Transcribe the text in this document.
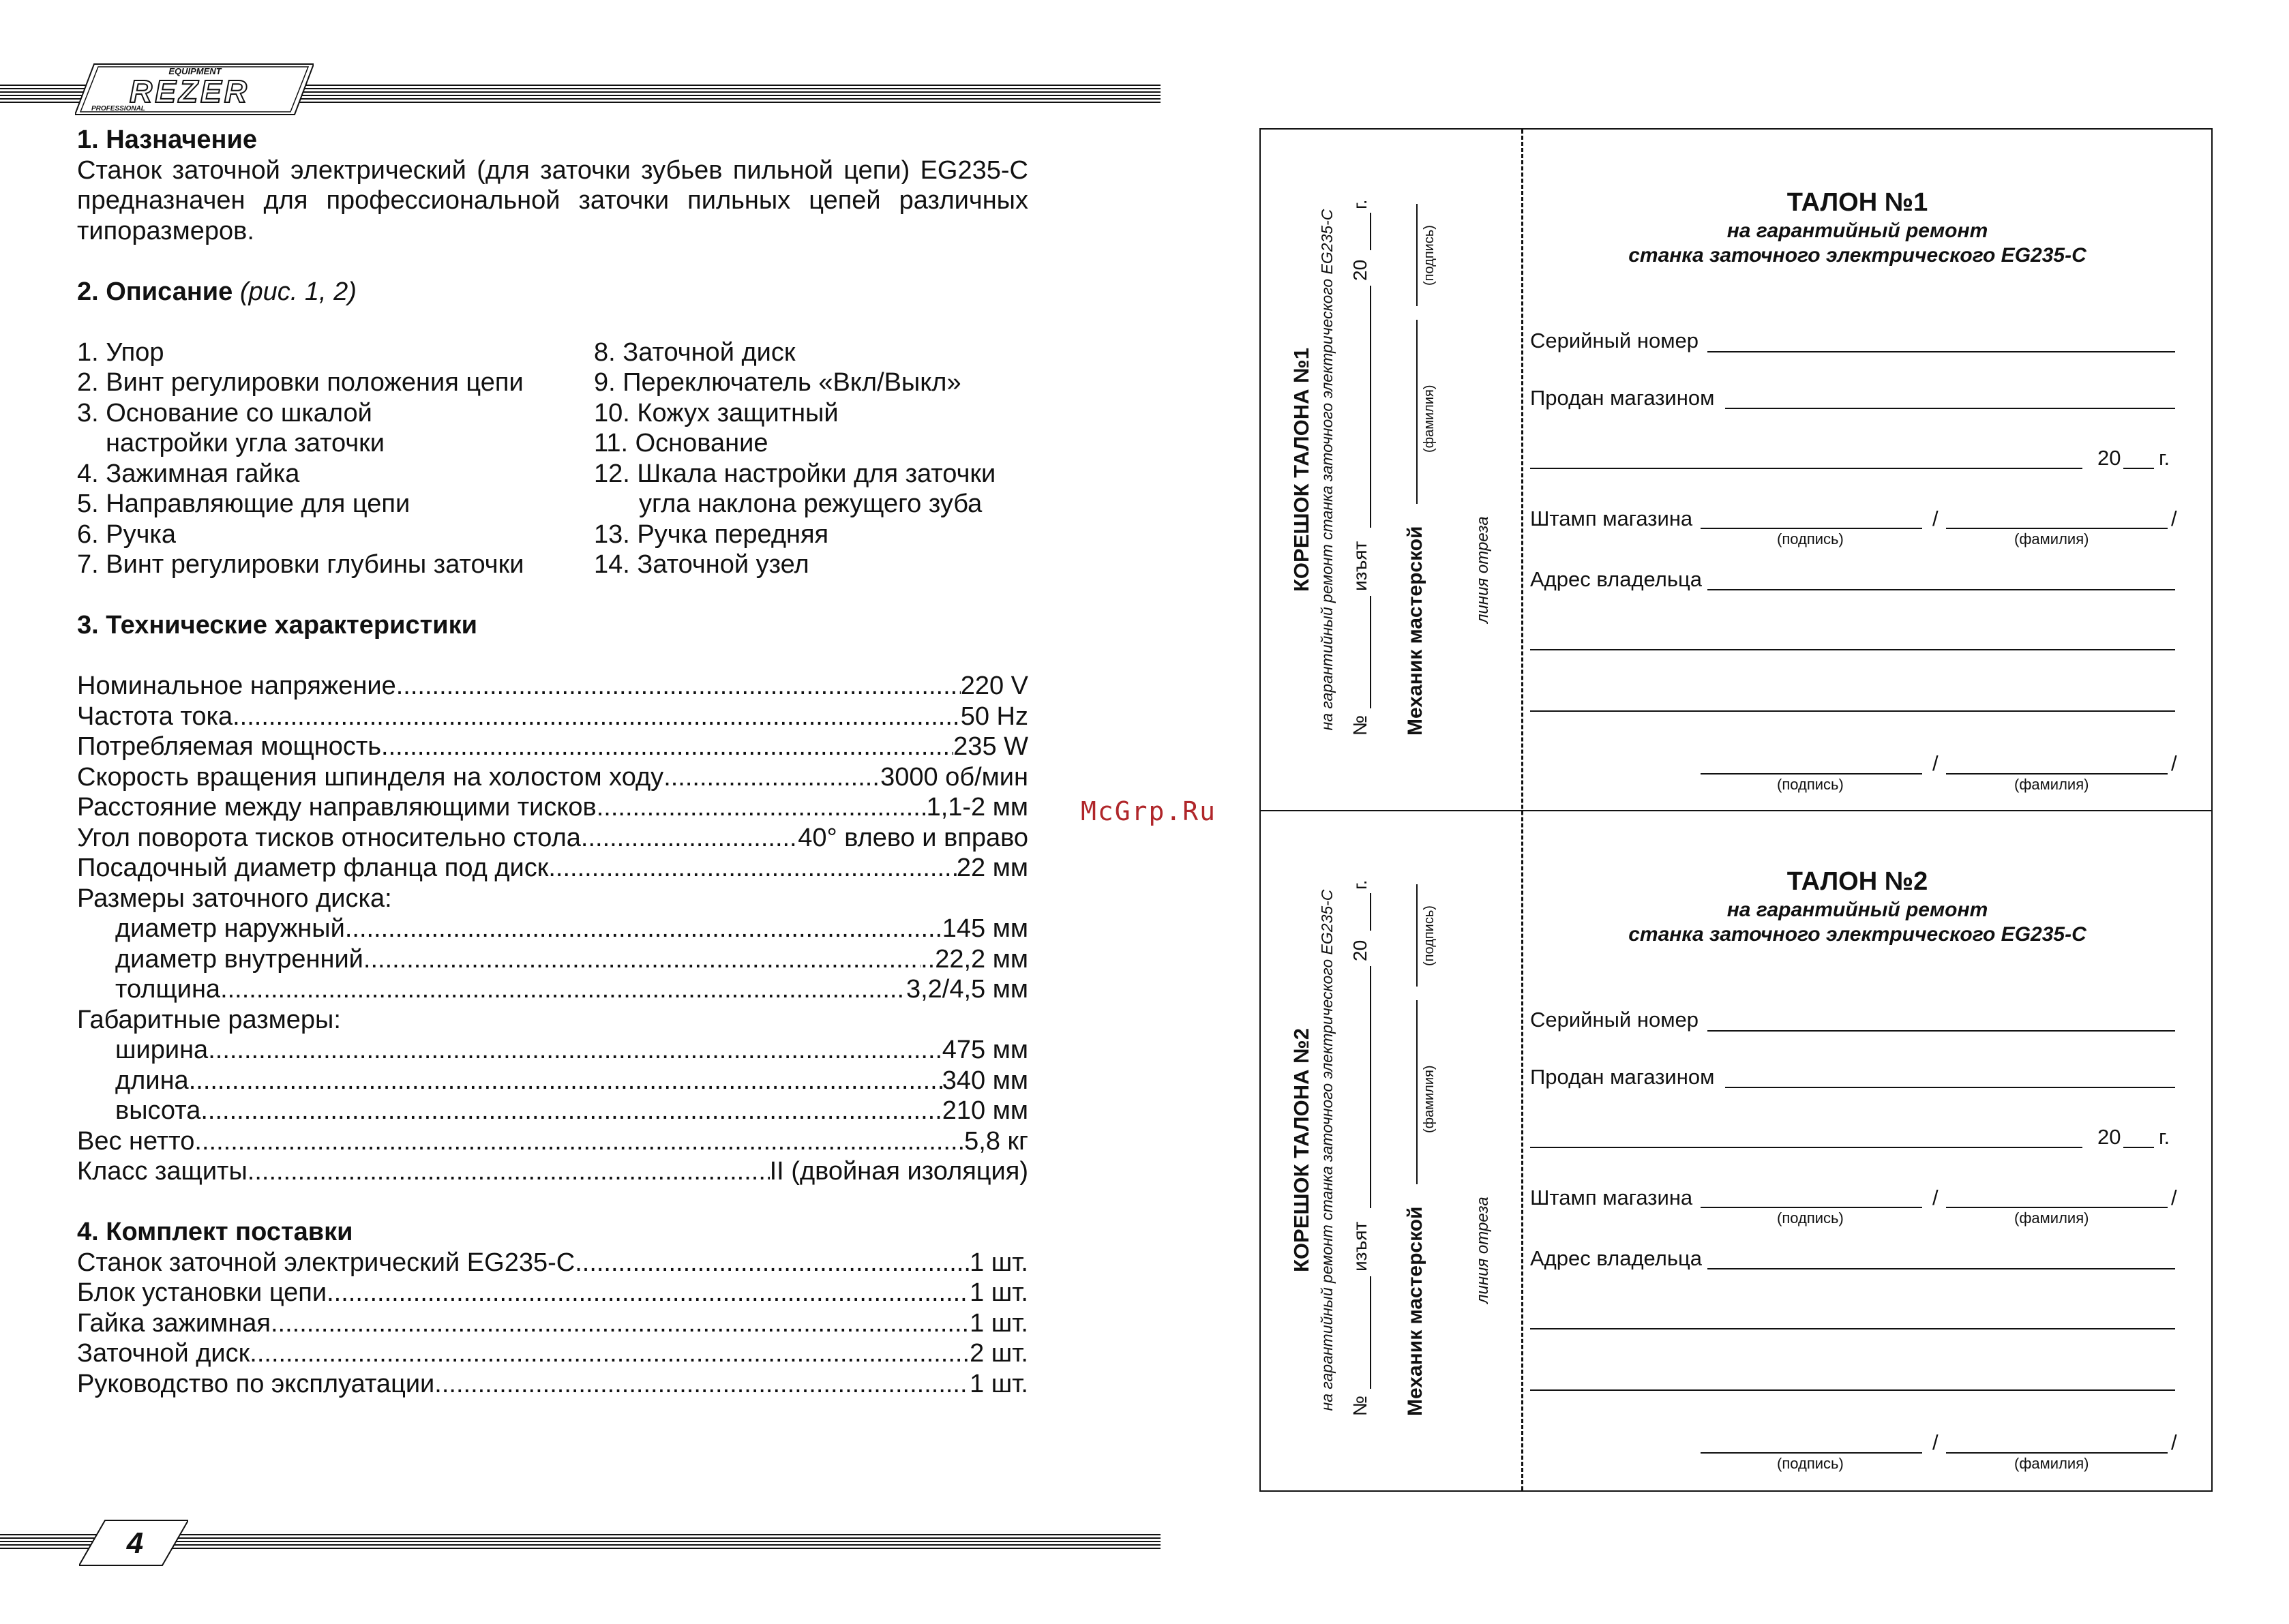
EQUIPMENT
REZER
PROFESSIONAL

1. Назначение

Станок заточной электрический (для заточки зубьев пильной цепи) EG235-C предназначен для профессиональной заточки пильных цепей различных типоразмеров.

2. Описание (рис. 1, 2)

1. Упор

2. Винт регулировки положения цепи

3. Основание со шкалой

настройки угла заточки

4. Зажимная гайка

5. Направляющие для цепи

6. Ручка

7. Винт регулировки глубины заточки

8. Заточной диск

9. Переключатель «Вкл/Выкл»

10. Кожух защитный

11. Основание

12. Шкала настройки для заточки

угла наклона режущего зуба

13. Ручка передняя

14. Заточной узел

3. Технические характеристики

Номинальное напряжение .....	220 V
Частота тока .....	50 Hz
Потребляемая мощность .....	235 W
Скорость вращения шпинделя на холостом ходу .....	3000 об/мин
Расстояние между направляющими тисков .....	1,1-2 мм
Угол поворота тисков относительно стола .....	40° влево и вправо
Посадочный диаметр фланца под диск .....	22 мм

Размеры заточного диска:

диаметр наружный .....	145 мм
диаметр внутренний .....	..22,2 мм
толщина .....	3,2/4,5 мм

Габаритные размеры:

ширина .....	475 мм
длина .....	340 мм
высота .....	210 мм
Вес нетто .....	5,8 кг
Класс защиты .....	II (двойная изоляция)

4. Комплект поставки

Станок заточной электрический EG235-C .....	1 шт.
Блок установки цепи .....	1 шт.
Гайка зажимная .....	1 шт.
Заточной диск .....	2 шт.
Руководство по эксплуатации .....	1 шт.
4
McGrp.Ru
КОРЕШОК ТАЛОНА №1 на гарантийный ремонт станка заточного электрического EG235-C №
изъят
20
г.
Механик мастерской
(фамилия)
(подпись)
линия отреза
ТАЛОН №1
на гарантийный ремонт
станка заточного электрического EG235-C
Серийный номер
Продан магазином
20 г.
Штамп магазина	/	/
(подпись)	(фамилия)
Адрес владельца
/	/
(подпись)	(фамилия)
КОРЕШОК ТАЛОНА №2 на гарантийный ремонт станка заточного электрического EG235-C №
изъят
20
г.
Механик мастерской
(фамилия)
(подпись)
линия отреза
ТАЛОН №2
на гарантийный ремонт
станка заточного электрического EG235-C
Серийный номер
Продан магазином
20 г.
Штамп магазина	/	/
(подпись)	(фамилия)
Адрес владельца
/	/
(подпись)	(фамилия)
